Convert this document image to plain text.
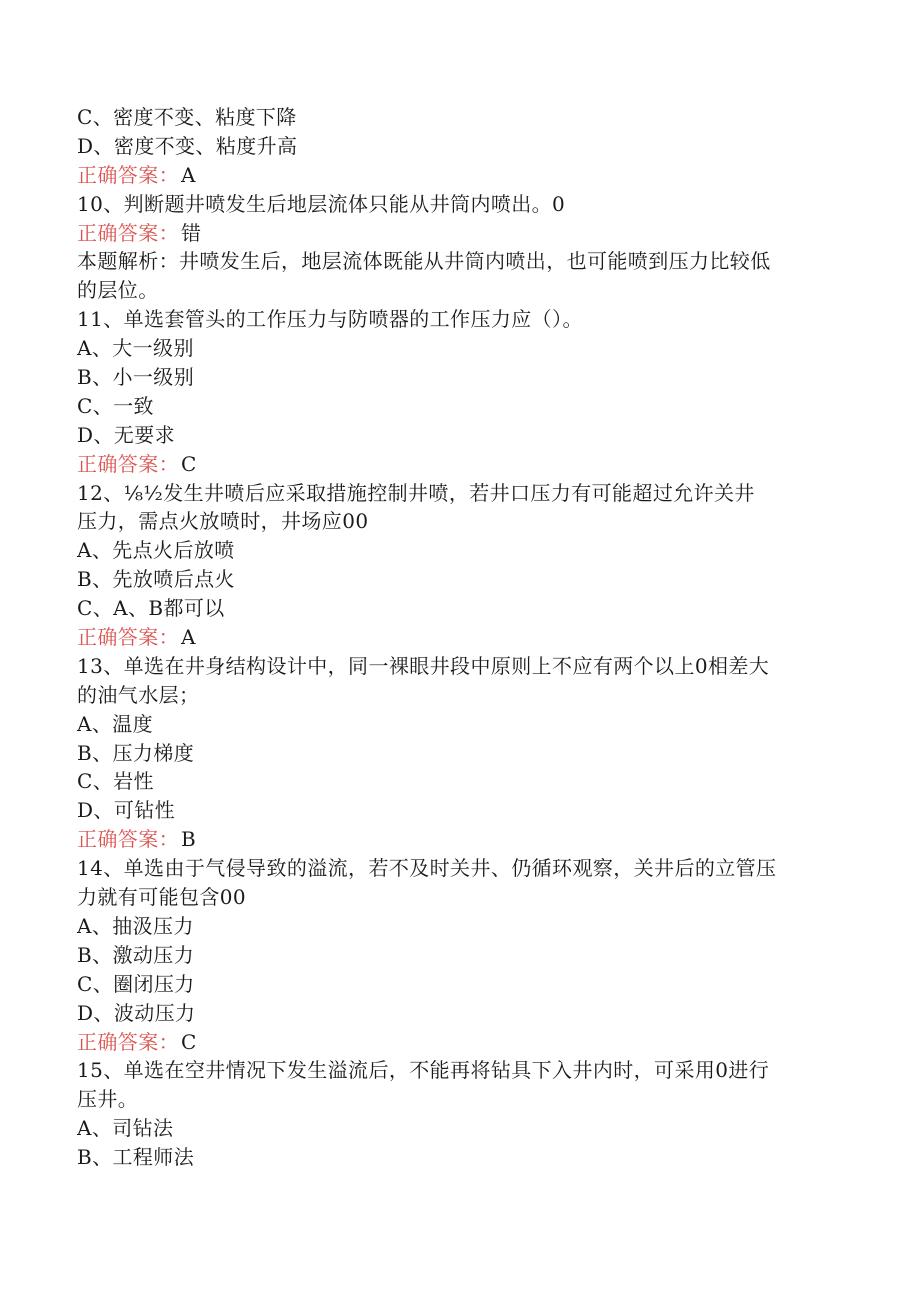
C、密度不变、粘度下降
D、密度不变、粘度升高
正确答案： A
10、判断题井喷发生后地层流体只能从井筒内喷出。0
正确答案： 错
本题解析：井喷发生后，地层流体既能从井筒内喷出，也可能喷到压力比较低
的层位。
11、单选套管头的工作压力与防喷器的工作压力应（）。
A、大一级别
B、小一级别
C、一致
D、无要求
正确答案： C
12、⅛½发生井喷后应采取措施控制井喷，若井口压力有可能超过允许关井
压力，需点火放喷时，井场应00
A、先点火后放喷
B、先放喷后点火
C、A、B都可以
正确答案： A
13、单选在井身结构设计中，同一裸眼井段中原则上不应有两个以上0相差大
的油气水层；
A、温度
B、压力梯度
C、岩性
D、可钻性
正确答案： B
14、单选由于气侵导致的溢流，若不及时关井、仍循环观察，关井后的立管压
力就有可能包含00
A、抽汲压力
B、激动压力
C、圈闭压力
D、波动压力
正确答案： C
15、单选在空井情况下发生溢流后，不能再将钻具下入井内时，可采用0进行
压井。
A、司钻法
B、工程师法
